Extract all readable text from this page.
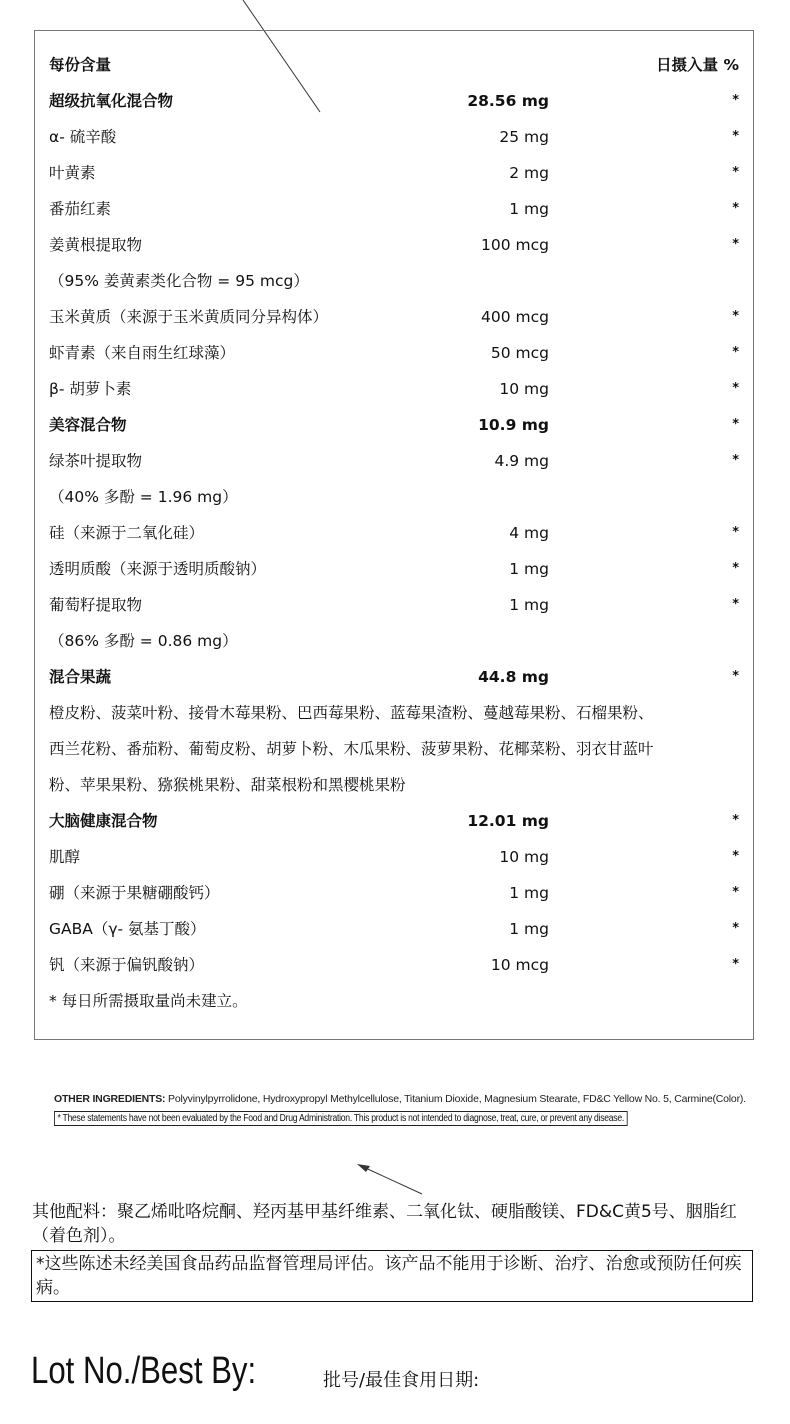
每份含量	日摄入量 %
超级抗氧化混合物	28.56 mg	*
α- 硫辛酸	25 mg	*
叶黄素	2 mg	*
番茄红素	1 mg	*
姜黄根提取物	100 mcg	*
（95% 姜黄素类化合物 = 95 mcg）
玉米黄质（来源于玉米黄质同分异构体）	400 mcg	*
虾青素（来自雨生红球藻）	50 mcg	*
β- 胡萝卜素	10 mg	*
美容混合物	10.9 mg	*
绿茶叶提取物	4.9 mg	*
（40% 多酚 = 1.96 mg）
硅（来源于二氧化硅）	4 mg	*
透明质酸（来源于透明质酸钠）	1 mg	*
葡萄籽提取物	1 mg	*
（86% 多酚 = 0.86 mg）
混合果蔬	44.8 mg	*
橙皮粉、菠菜叶粉、接骨木莓果粉、巴西莓果粉、蓝莓果渣粉、蔓越莓果粉、石榴果粉、
西兰花粉、番茄粉、葡萄皮粉、胡萝卜粉、木瓜果粉、菠萝果粉、花椰菜粉、羽衣甘蓝叶
粉、苹果果粉、猕猴桃果粉、甜菜根粉和黑樱桃果粉
大脑健康混合物	12.01 mg	*
肌醇	10 mg	*
硼（来源于果糖硼酸钙）	1 mg	*
GABA（γ- 氨基丁酸）	1 mg	*
钒（来源于偏钒酸钠）	10 mcg	*
* 每日所需摄取量尚未建立。
OTHER INGREDIENTS: Polyvinylpyrrolidone, Hydroxypropyl Methylcellulose, Titanium Dioxide, Magnesium Stearate, FD&C Yellow No. 5, Carmine(Color).
* These statements have not been evaluated by the Food and Drug Administration. This product is not intended to diagnose, treat, cure, or prevent any disease.
其他配料：聚乙烯吡咯烷酮、羟丙基甲基纤维素、二氧化钛、硬脂酸镁、FD&C黄5号、胭脂红（着色剂）。
*这些陈述未经美国食品药品监督管理局评估。该产品不能用于诊断、治疗、治愈或预防任何疾病。
Lot No./Best By:	批号/最佳食用日期:
